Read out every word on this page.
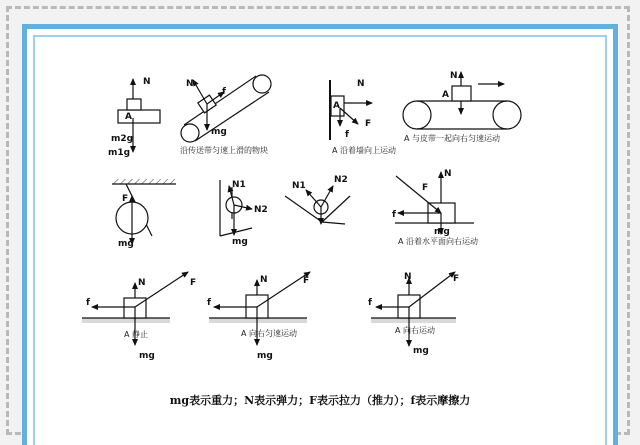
N
A
m2g
m1g
N
f
mg
沿传送带匀速上滑的物块
N
A
F
f
A 沿着墙向上运动
N
A
A 与皮带一起向右匀速运动
F
mg
N1
N2
mg
N1
N2
N
F
f
mg
A 沿着水平面向右运动
N	F
f
A 静止
mg
N	F
f
A 向右匀速运动
mg
N	F
f
A 向右运动
mg
mg表示重力；N表示弹力；F表示拉力（推力）；f表示摩擦力
